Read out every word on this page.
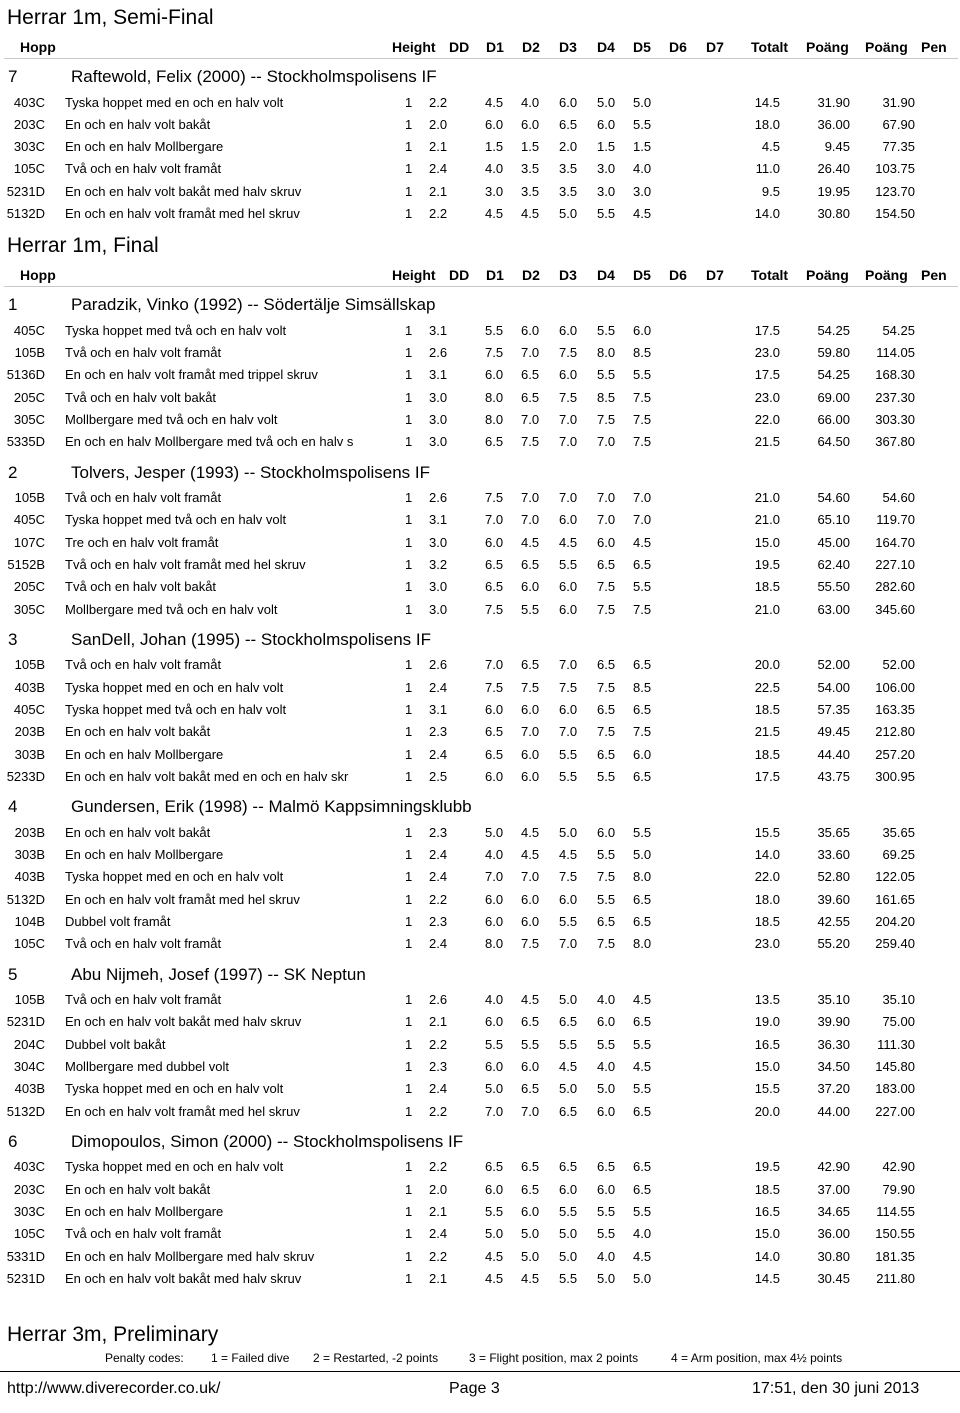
Herrar 1m, Semi-Final
Hopp	Height DD D1 D2 D3 D4 D5 D6 D7 Totalt Poäng Poäng Pen
7	Raftewold, Felix (2000) -- Stockholmspolisens IF
403C Tyska hoppet med en och en halv volt	1 2.2	4.5 4.0 6.0 5.0 5.0	14.5	31.90	31.90
203C En och en halv volt bakåt	1 2.0	6.0 6.0 6.5 6.0 5.5	18.0	36.00	67.90
303C En och en halv Mollbergare	1 2.1	1.5 1.5 2.0 1.5 1.5	4.5	9.45	77.35
105C Två och en halv volt framåt	1 2.4	4.0 3.5 3.5 3.0 4.0	11.0	26.40	103.75
5231D En och en halv volt bakåt med halv skruv	1 2.1	3.0 3.5 3.5 3.0 3.0	9.5	19.95	123.70
5132D En och en halv volt framåt med hel skruv	1 2.2	4.5 4.5 5.0 5.5 4.5	14.0	30.80	154.50
Herrar 1m, Final
Hopp	Height DD D1 D2 D3 D4 D5 D6 D7 Totalt Poäng Poäng Pen
1	Paradzik, Vinko (1992) -- Södertälje Simsällskap
405C Tyska hoppet med två och en halv volt	1 3.1	5.5 6.0 6.0 5.5 6.0	17.5	54.25	54.25
105B Två och en halv volt framåt	1 2.6	7.5 7.0 7.5 8.0 8.5	23.0	59.80	114.05
5136D En och en halv volt framåt med trippel skruv	1 3.1	6.0 6.5 6.0 5.5 5.5	17.5	54.25	168.30
205C Två och en halv volt bakåt	1 3.0	8.0 6.5 7.5 8.5 7.5	23.0	69.00	237.30
305C Mollbergare med två och en halv volt	1 3.0	8.0 7.0 7.0 7.5 7.5	22.0	66.00	303.30
5335D En och en halv Mollbergare med två och en halv s	1 3.0	6.5 7.5 7.0 7.0 7.5	21.5	64.50	367.80
2	Tolvers, Jesper (1993) -- Stockholmspolisens IF
105B Två och en halv volt framåt	1 2.6	7.5 7.0 7.0 7.0 7.0	21.0	54.60	54.60
405C Tyska hoppet med två och en halv volt	1 3.1	7.0 7.0 6.0 7.0 7.0	21.0	65.10	119.70
107C Tre och en halv volt framåt	1 3.0	6.0 4.5 4.5 6.0 4.5	15.0	45.00	164.70
5152B Två och en halv volt framåt med hel skruv	1 3.2	6.5 6.5 5.5 6.5 6.5	19.5	62.40	227.10
205C Två och en halv volt bakåt	1 3.0	6.5 6.0 6.0 7.5 5.5	18.5	55.50	282.60
305C Mollbergare med två och en halv volt	1 3.0	7.5 5.5 6.0 7.5 7.5	21.0	63.00	345.60
3	SanDell, Johan (1995) -- Stockholmspolisens IF
105B Två och en halv volt framåt	1 2.6	7.0 6.5 7.0 6.5 6.5	20.0	52.00	52.00
403B Tyska hoppet med en och en halv volt	1 2.4	7.5 7.5 7.5 7.5 8.5	22.5	54.00	106.00
405C Tyska hoppet med två och en halv volt	1 3.1	6.0 6.0 6.0 6.5 6.5	18.5	57.35	163.35
203B En och en halv volt bakåt	1 2.3	6.5 7.0 7.0 7.5 7.5	21.5	49.45	212.80
303B En och en halv Mollbergare	1 2.4	6.5 6.0 5.5 6.5 6.0	18.5	44.40	257.20
5233D En och en halv volt bakåt med en och en halv skr	1 2.5	6.0 6.0 5.5 5.5 6.5	17.5	43.75	300.95
4	Gundersen, Erik (1998) -- Malmö Kappsimningsklubb
203B En och en halv volt bakåt	1 2.3	5.0 4.5 5.0 6.0 5.5	15.5	35.65	35.65
303B En och en halv Mollbergare	1 2.4	4.0 4.5 4.5 5.5 5.0	14.0	33.60	69.25
403B Tyska hoppet med en och en halv volt	1 2.4	7.0 7.0 7.5 7.5 8.0	22.0	52.80	122.05
5132D En och en halv volt framåt med hel skruv	1 2.2	6.0 6.0 6.0 5.5 6.5	18.0	39.60	161.65
104B Dubbel volt framåt	1 2.3	6.0 6.0 5.5 6.5 6.5	18.5	42.55	204.20
105C Två och en halv volt framåt	1 2.4	8.0 7.5 7.0 7.5 8.0	23.0	55.20	259.40
5	Abu Nijmeh, Josef (1997) -- SK Neptun
105B Två och en halv volt framåt	1 2.6	4.0 4.5 5.0 4.0 4.5	13.5	35.10	35.10
5231D En och en halv volt bakåt med halv skruv	1 2.1	6.0 6.5 6.5 6.0 6.5	19.0	39.90	75.00
204C Dubbel volt bakåt	1 2.2	5.5 5.5 5.5 5.5 5.5	16.5	36.30	111.30
304C Mollbergare med dubbel volt	1 2.3	6.0 6.0 4.5 4.0 4.5	15.0	34.50	145.80
403B Tyska hoppet med en och en halv volt	1 2.4	5.0 6.5 5.0 5.0 5.5	15.5	37.20	183.00
5132D En och en halv volt framåt med hel skruv	1 2.2	7.0 7.0 6.5 6.0 6.5	20.0	44.00	227.00
6	Dimopoulos, Simon (2000) -- Stockholmspolisens IF
403C Tyska hoppet med en och en halv volt	1 2.2	6.5 6.5 6.5 6.5 6.5	19.5	42.90	42.90
203C En och en halv volt bakåt	1 2.0	6.0 6.5 6.0 6.0 6.5	18.5	37.00	79.90
303C En och en halv Mollbergare	1 2.1	5.5 6.0 5.5 5.5 5.5	16.5	34.65	114.55
105C Två och en halv volt framåt	1 2.4	5.0 5.0 5.0 5.5 4.0	15.0	36.00	150.55
5331D En och en halv Mollbergare med halv skruv	1 2.2	4.5 5.0 5.0 4.0 4.5	14.0	30.80	181.35
5231D En och en halv volt bakåt med halv skruv	1 2.1	4.5 4.5 5.5 5.0 5.0	14.5	30.45	211.80
Herrar 3m, Preliminary
Penalty codes: 1 = Failed dive 2 = Restarted, -2 points	3 = Flight position, max 2 points	4 = Arm position, max 4½ points
http://www.diverecorder.co.uk/	Page 3	17:51, den 30 juni 2013
